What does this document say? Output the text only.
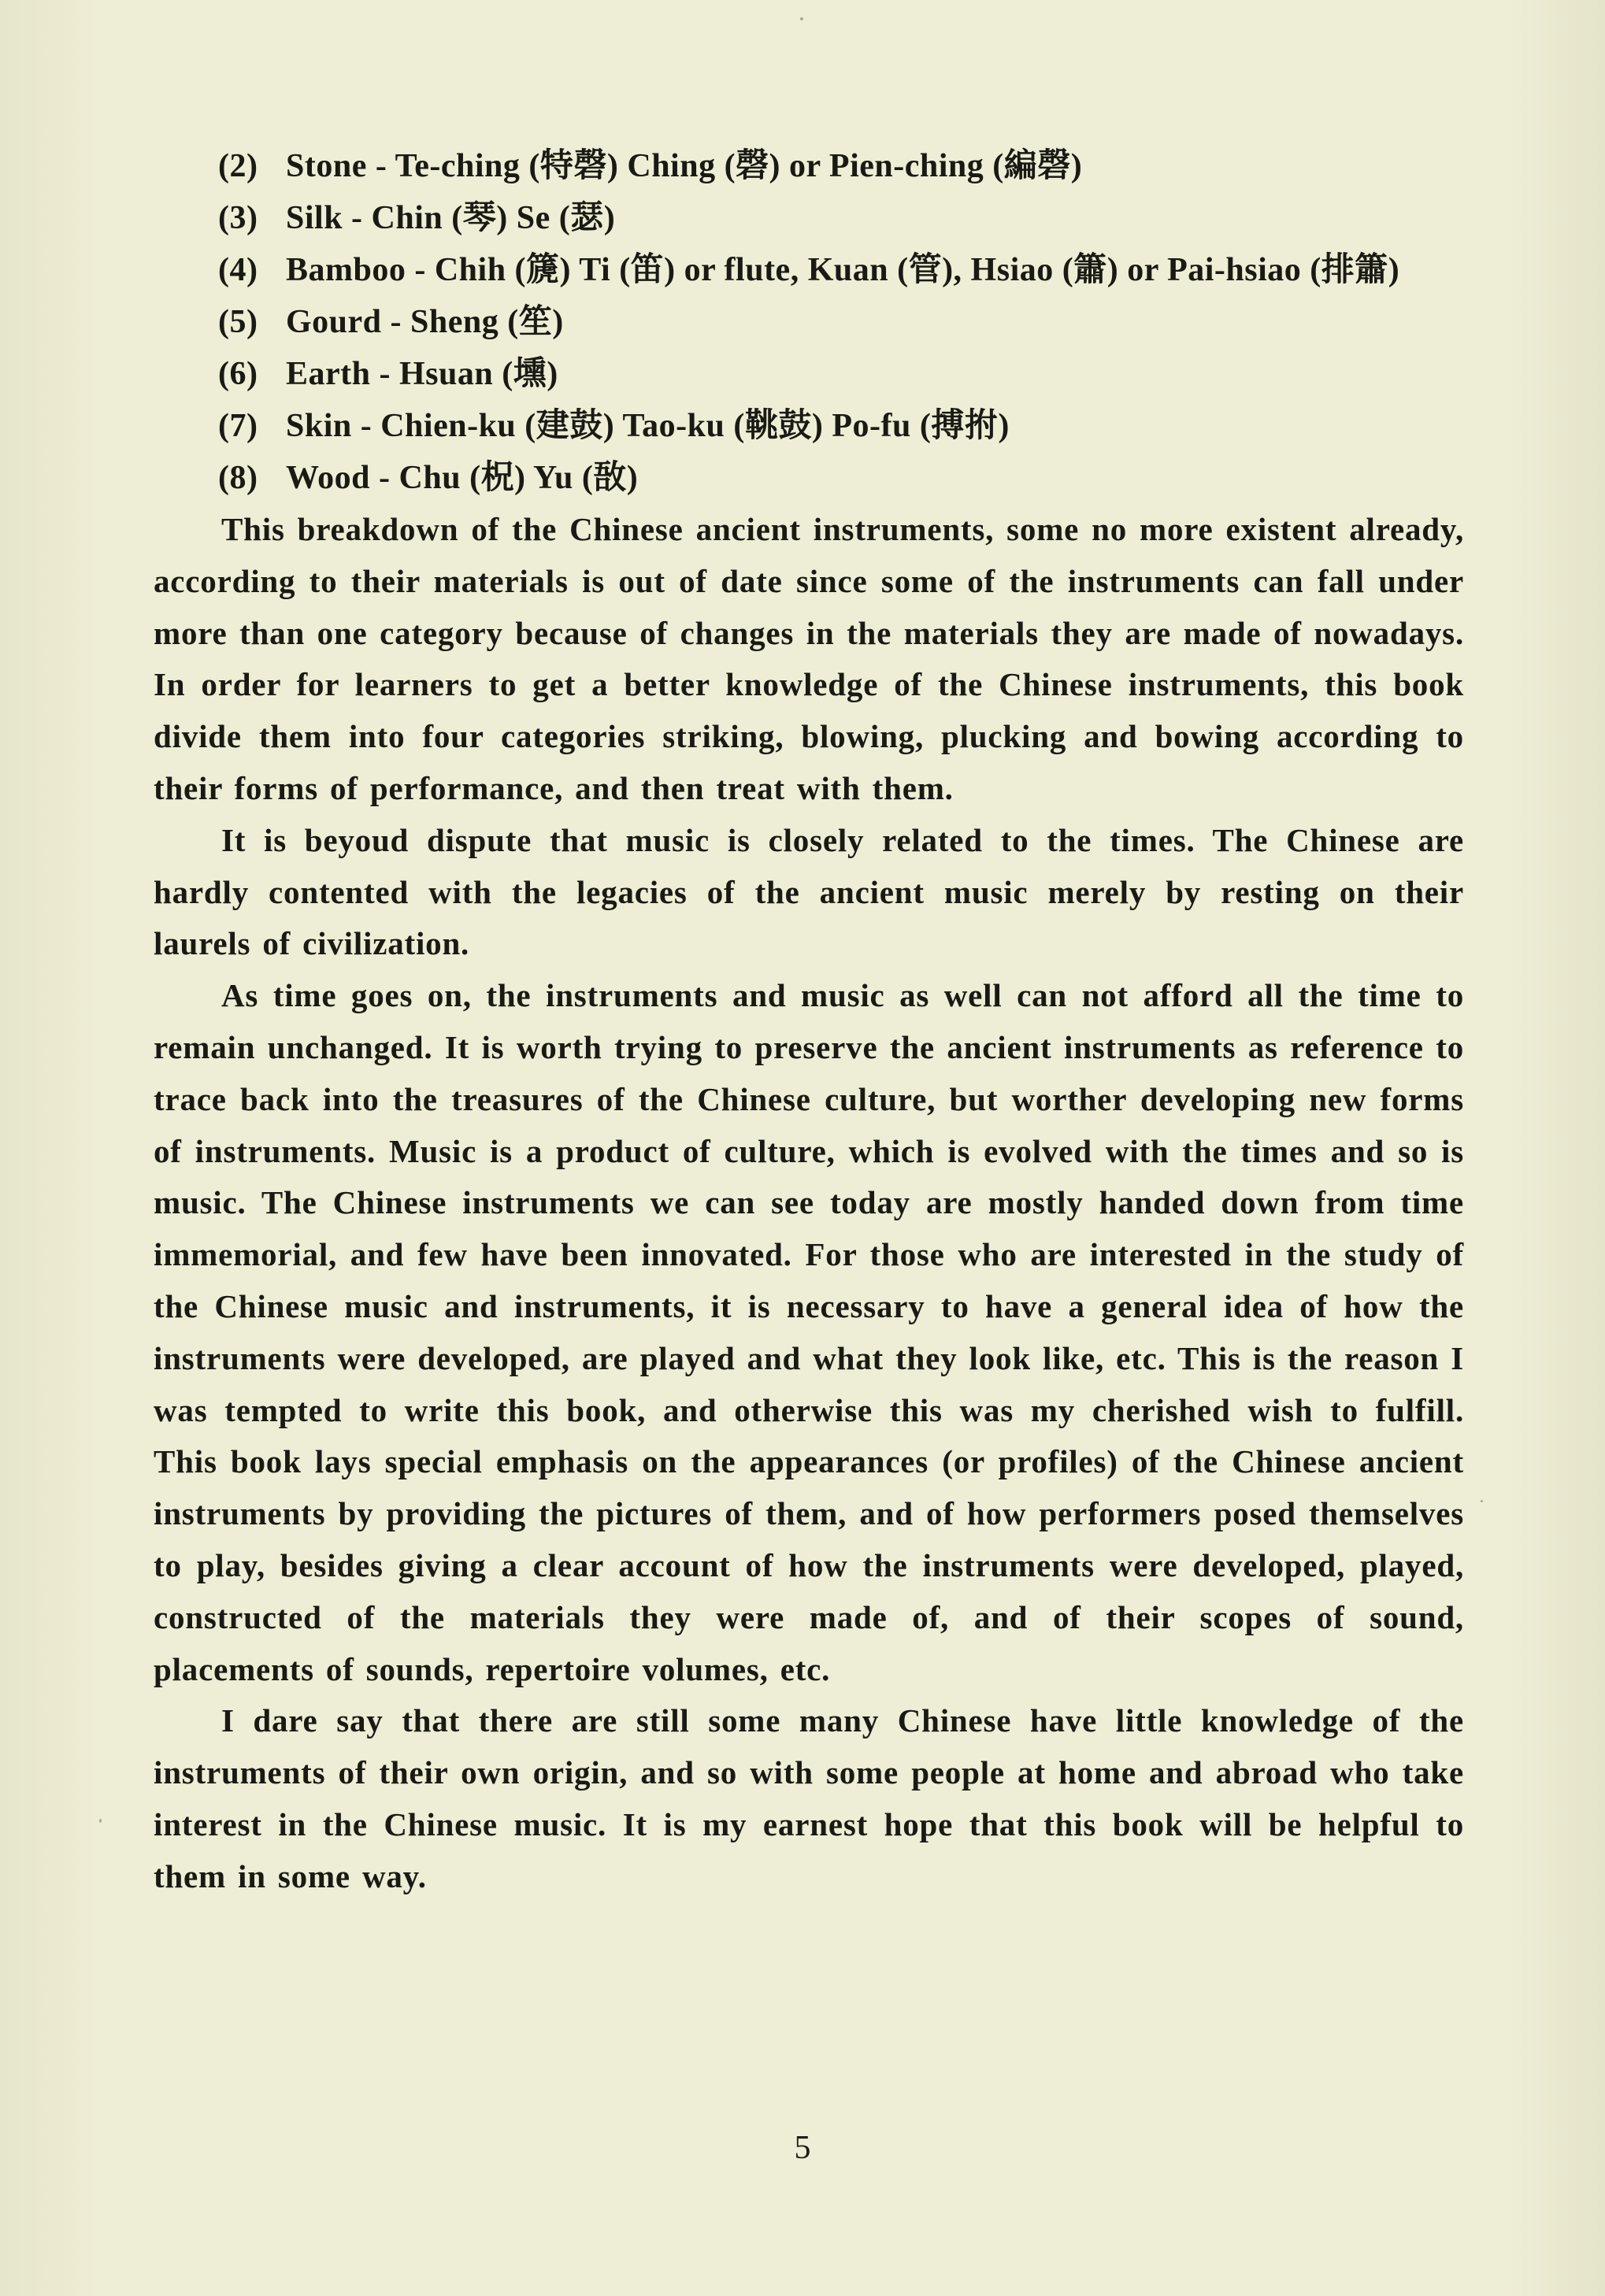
(2) Stone - Te-ching (特磬) Ching (磬) or Pien-ching (編磬)
(3) Silk - Chin (琴) Se (瑟)
(4) Bamboo - Chih (篪) Ti (笛) or flute, Kuan (管), Hsiao (簫) or Pai-hsiao (排簫)
(5) Gourd - Sheng (笙)
(6) Earth - Hsuan (壎)
(7) Skin - Chien-ku (建鼓) Tao-ku (鞉鼓) Po-fu (搏拊)
(8) Wood - Chu (柷) Yu (敔)

This breakdown of the Chinese ancient instruments, some no more existent already, according to their materials is out of date since some of the instruments can fall under more than one category because of changes in the materials they are made of nowadays. In order for learners to get a better knowledge of the Chinese instruments, this book divide them into four categories striking, blowing, plucking and bowing according to their forms of performance, and then treat with them.

It is beyoud dispute that music is closely related to the times. The Chinese are hardly contented with the legacies of the ancient music merely by resting on their laurels of civilization.

As time goes on, the instruments and music as well can not afford all the time to remain unchanged. It is worth trying to preserve the ancient instruments as reference to trace back into the treasures of the Chinese culture, but worther developing new forms of instruments. Music is a product of culture, which is evolved with the times and so is music. The Chinese instruments we can see today are mostly handed down from time immemorial, and few have been innovated. For those who are interested in the study of the Chinese music and instruments, it is necessary to have a general idea of how the instruments were developed, are played and what they look like, etc. This is the reason I was tempted to write this book, and otherwise this was my cherished wish to fulfill. This book lays special emphasis on the appearances (or profiles) of the Chinese ancient instruments by providing the pictures of them, and of how performers posed themselves to play, besides giving a clear account of how the instruments were developed, played, constructed of the materials they were made of, and of their scopes of sound, placements of sounds, repertoire volumes, etc.

I dare say that there are still some many Chinese have little knowledge of the instruments of their own origin, and so with some people at home and abroad who take interest in the Chinese music. It is my earnest hope that this book will be helpful to them in some way.

5
